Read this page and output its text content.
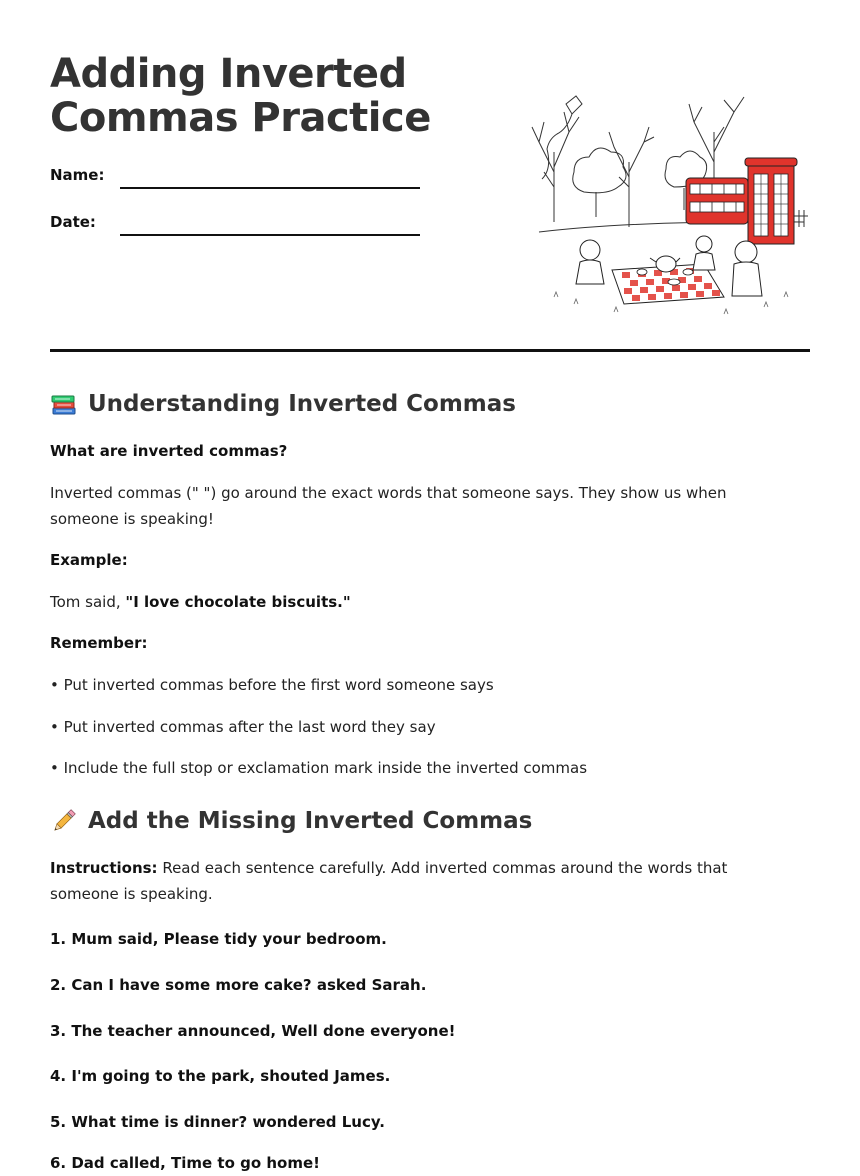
Adding Inverted Commas Practice
Name:
Date:
Understanding Inverted Commas
What are inverted commas?
Inverted commas (" ") go around the exact words that someone says. They show us when someone is speaking!
Example:
Tom said, "I love chocolate biscuits."
Remember:
• Put inverted commas before the first word someone says
• Put inverted commas after the last word they say
• Include the full stop or exclamation mark inside the inverted commas
Add the Missing Inverted Commas
Instructions: Read each sentence carefully. Add inverted commas around the words that someone is speaking.
1. Mum said, Please tidy your bedroom.
2. Can I have some more cake? asked Sarah.
3. The teacher announced, Well done everyone!
4. I'm going to the park, shouted James.
5. What time is dinner? wondered Lucy.
6. Dad called, Time to go home!
